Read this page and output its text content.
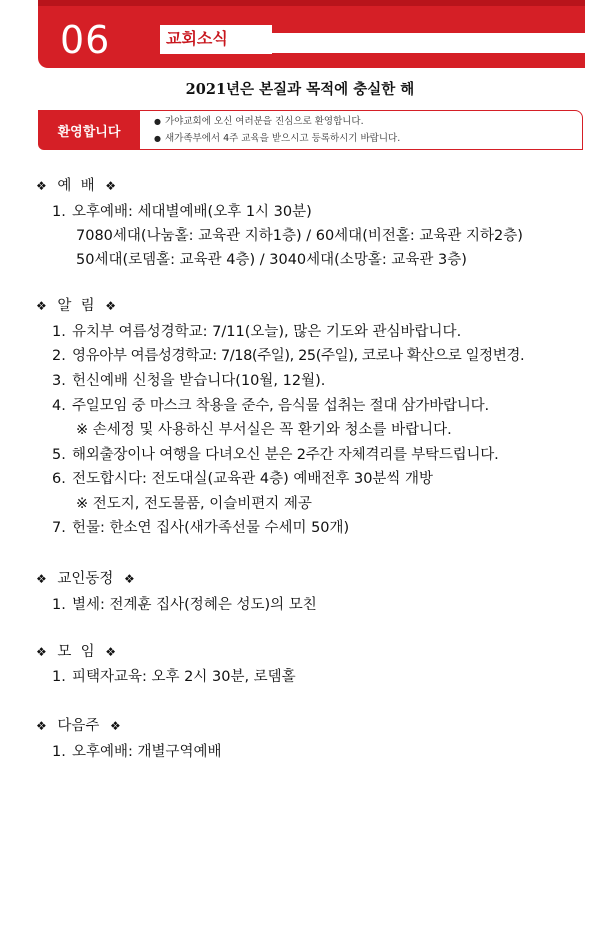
06	교회소식
2021년은 본질과 목적에 충실한 해
환영합니다
● 가야교회에 오신 여러분을 진심으로 환영합니다.
● 새가족부에서 4주 교육을 받으시고 등록하시기 바랍니다.
❖ 예  배 ❖
1. 오후예배: 세대별예배(오후 1시 30분)
7080세대(나눔홀: 교육관 지하1층) / 60세대(비전홀: 교육관 지하2층)
50세대(로뎀홀: 교육관 4층) / 3040세대(소망홀: 교육관 3층)
❖ 알  림 ❖
1. 유치부 여름성경학교: 7/11(오늘), 많은 기도와 관심바랍니다.
2. 영유아부 여름성경학교: 7/18(주일), 25(주일), 코로나 확산으로 일정변경.
3. 헌신예배 신청을 받습니다(10월, 12월).
4. 주일모임 중 마스크 착용을 준수, 음식물 섭취는 절대 삼가바랍니다.
※ 손세정 및 사용하신 부서실은 꼭 환기와 청소를 바랍니다.
5. 해외출장이나 여행을 다녀오신 분은 2주간 자체격리를 부탁드립니다.
6. 전도합시다: 전도대실(교육관 4층) 예배전후 30분씩 개방
※ 전도지, 전도물품, 이슬비편지 제공
7. 헌물: 한소연 집사(새가족선물 수세미 50개)
❖ 교인동정 ❖
1. 별세: 전계훈 집사(정혜은 성도)의 모친
❖ 모  임 ❖
1. 피택자교육: 오후 2시 30분, 로뎀홀
❖ 다음주 ❖
1. 오후예배: 개별구역예배
